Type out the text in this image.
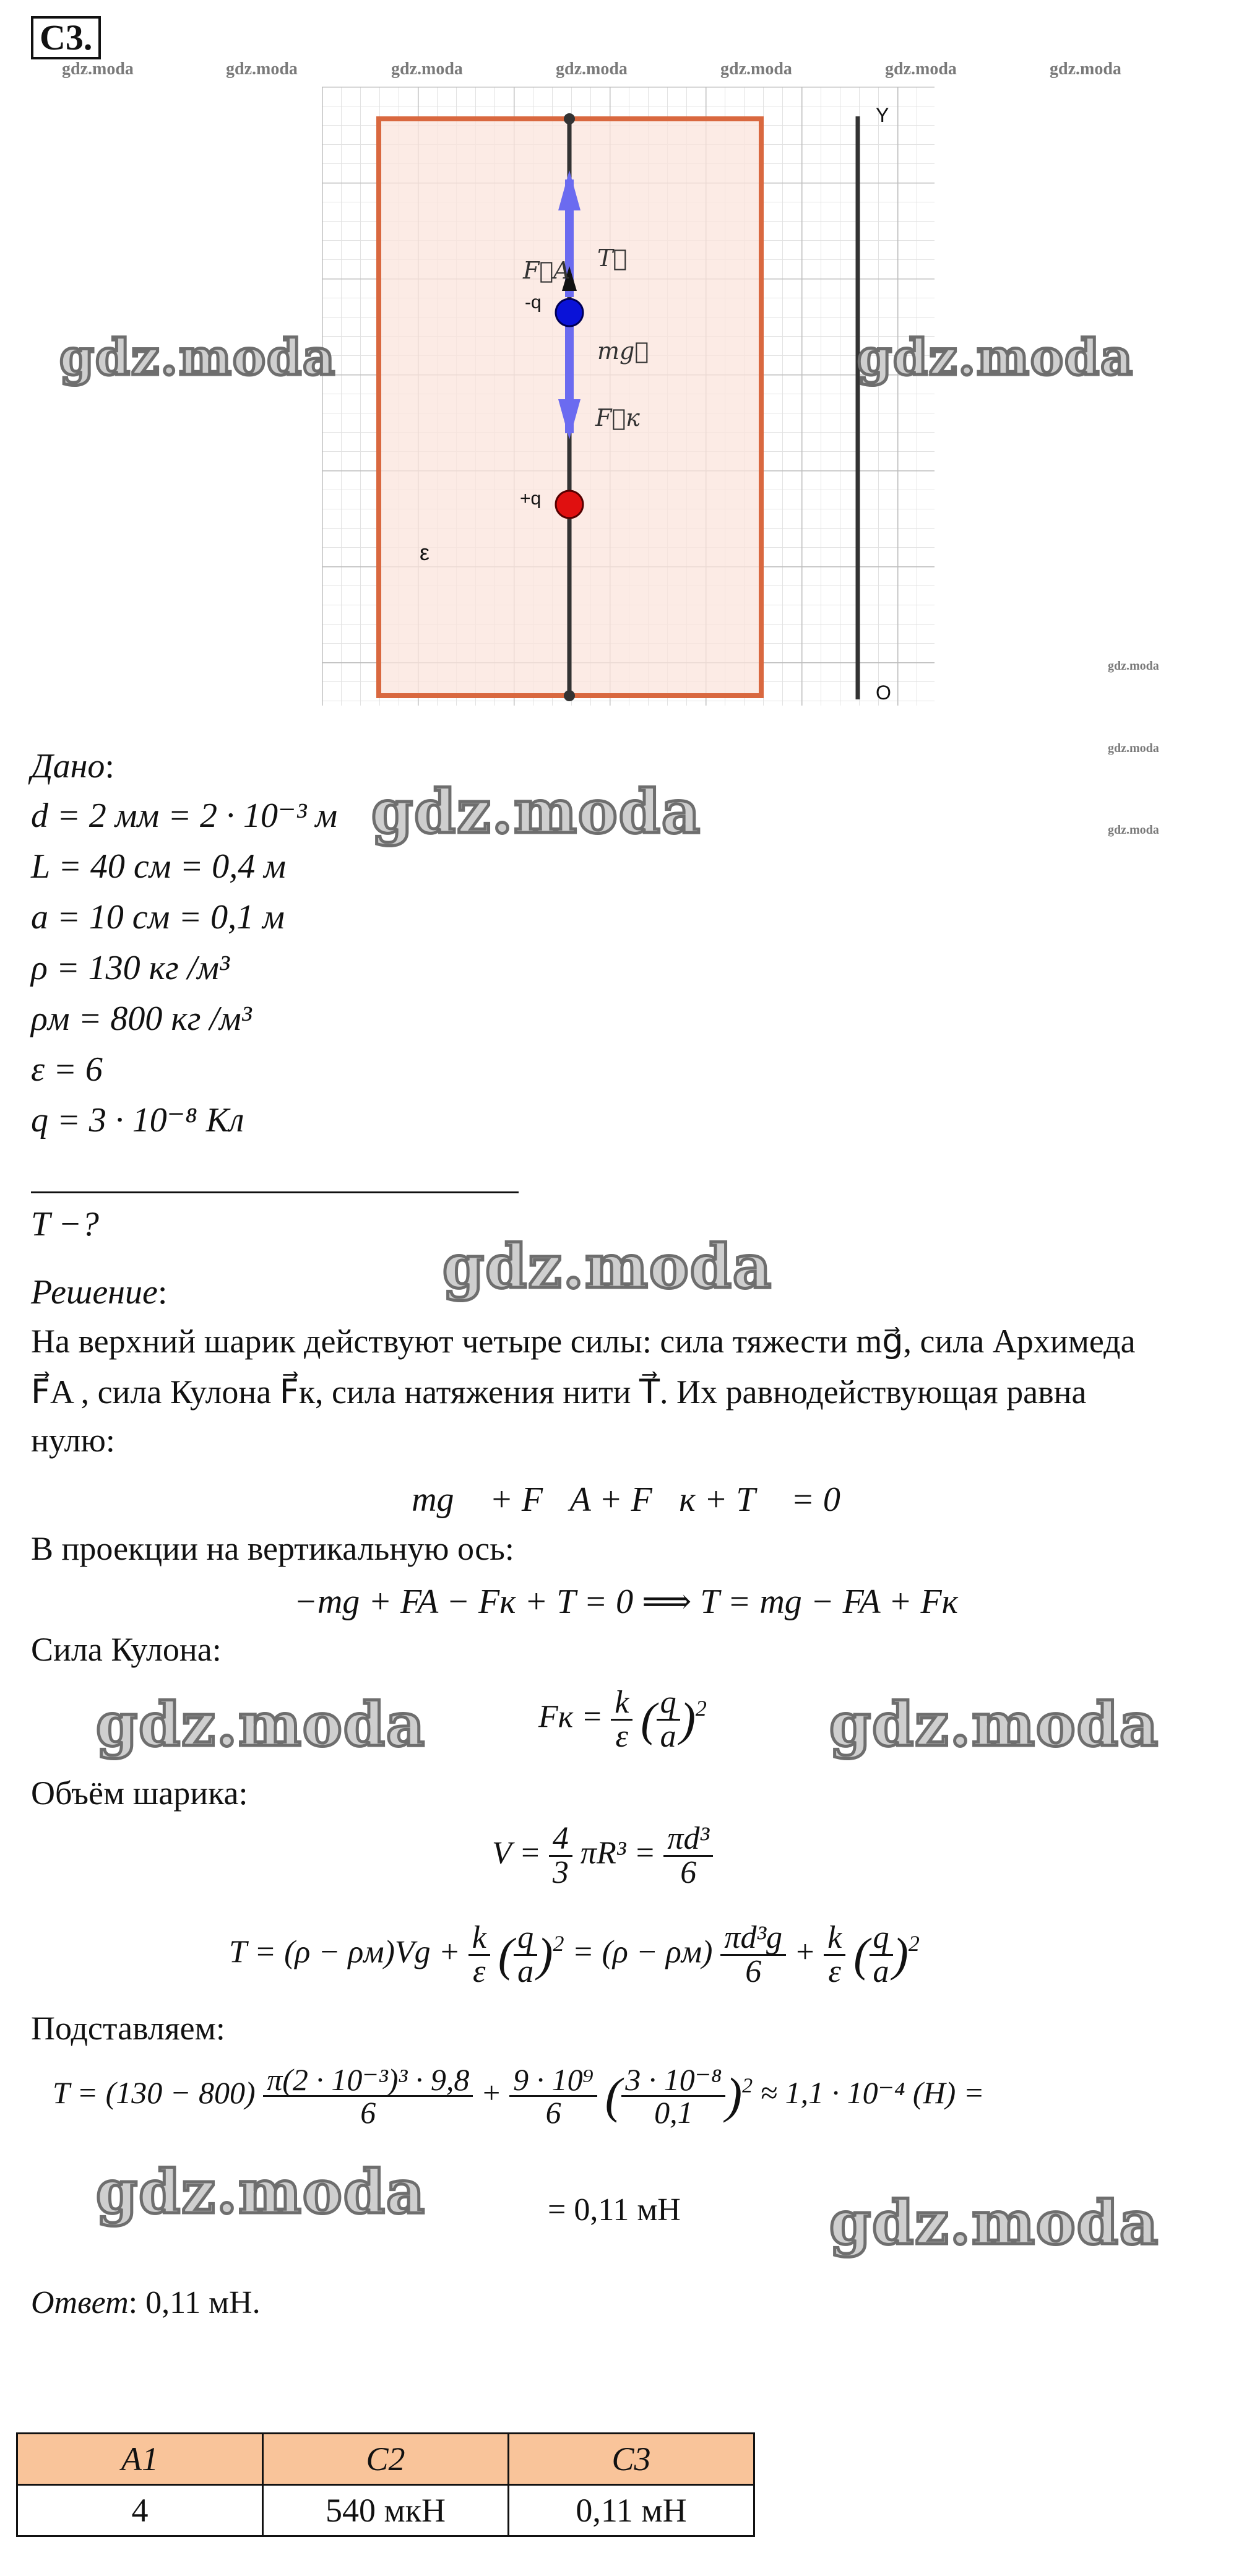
С3.
gdz.moda	gdz.moda	gdz.moda	gdz.moda	gdz.moda	gdz.moda	gdz.moda
-q
+q
ε
Y
O
F⃗A T⃗
mg⃗
F⃗к
gdz.moda	gdz.moda
gdz.moda
gdz.moda
gdz.moda
Дано:
d = 2 мм = 2 · 10⁻³ м
L = 40 см = 0,4 м
a = 10 см = 0,1 м
ρ = 130 кг /м³
ρм = 800 кг /м³
ε = 6
q = 3 · 10⁻⁸ Кл
gdz.moda
T −?
gdz.moda
Решение:
На верхний шарик действуют четыре силы: сила тяжести mg⃗, сила Архимеда
F⃗A , сила Кулона F⃗к, сила натяжения нити T⃗. Их равнодействующая равна
нулю:
mg⃗ + F⃗A + F⃗к + T⃗ = 0
В проекции на вертикальную ось:
−mg + FA − Fк + T = 0 ⟹ T = mg − FA + Fк
Сила Кулона:
gdz.moda	gdz.moda
Fк = $\frac{k}{\varepsilon}$ ( $\frac{q}{a} )^2$
Объём шарика:
$V = \frac{4}{3} \pi R^3 = \frac{\text{πd³}}{6}$
$T = (\rho - \rho м)Vg + \frac{k}{\varepsilon}$ ( $\frac{q}{a} )^2 = (\rho - \rho м) \frac{\text{πd³g}}{6} + \frac{k}{\varepsilon}$ ( $\frac{q}{a} )^2$
Подставляем:
$T = (130 - 800) \frac{\text{π(2 · 10⁻³)³ · 9,8}}{6} + \frac{\text{9 · 10⁹}}{6}$ ( $\frac{\text{3 · 10⁻⁸}}{0,1} )^2 \approx 1,1 \cdot 10^{-4}$ (Н) =
gdz.moda	gdz.moda
= 0,11 мН
Ответ: 0,11 мН.
A1	C2	C3
4	540 мкН	0,11 мН
